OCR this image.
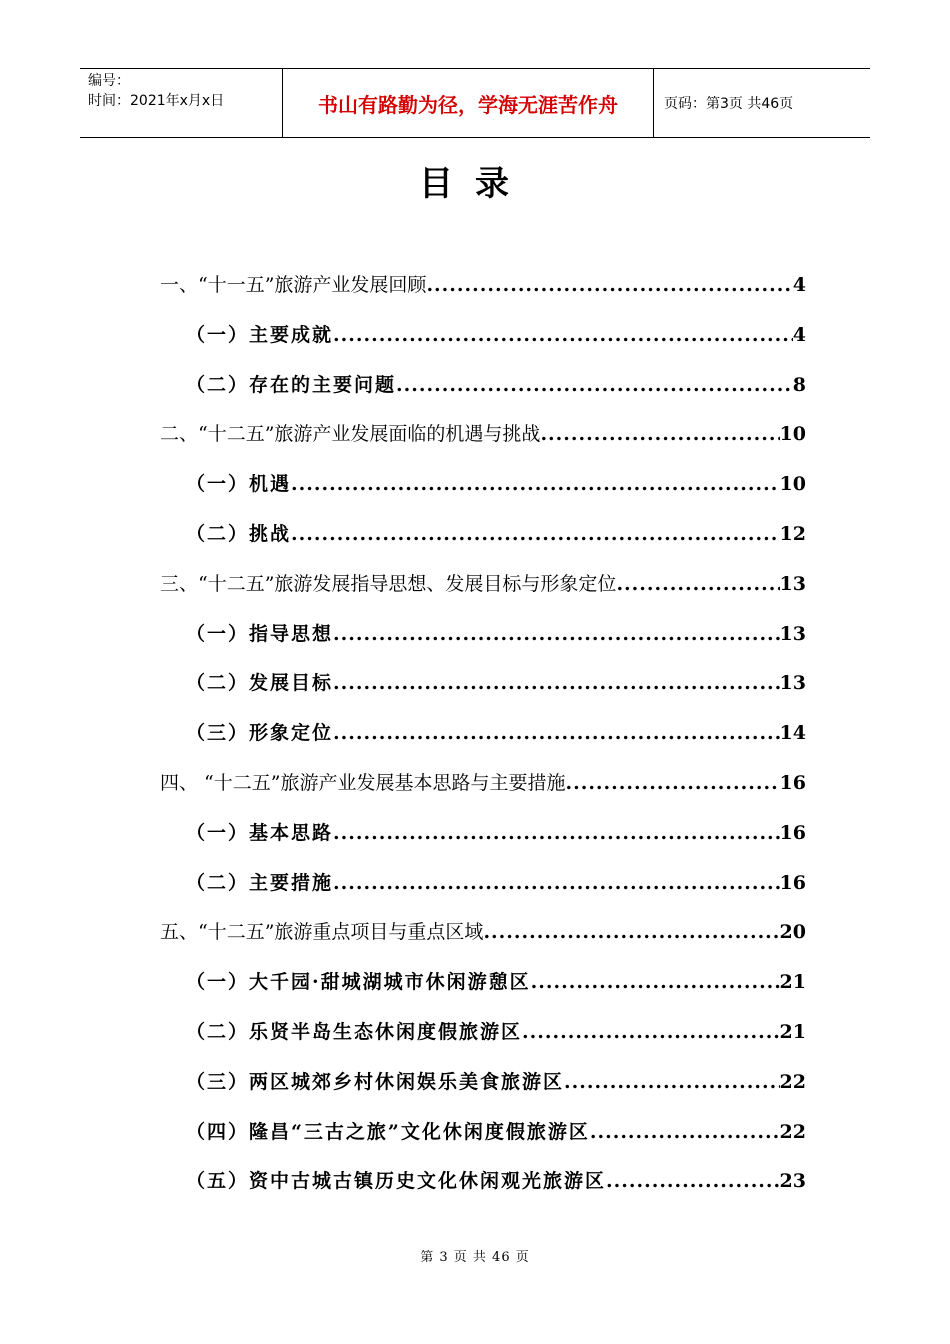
编号：
时间：2021年x月x日	书山有路勤为径，学海无涯苦作舟	页码：第3页 共46页
目录
一、“十一五”旅游产业发展回顾 .....	4
（一）主要成就 .....	4
（二）存在的主要问题 .....	8
二、“十二五”旅游产业发展面临的机遇与挑战 .....	10
（一）机遇 .....	10
（二）挑战 .....	12
三、“十二五”旅游发展指导思想、发展目标与形象定位 .....	13
（一）指导思想 .....	13
（二）发展目标 .....	13
（三）形象定位 .....	14
四、 “十二五”旅游产业发展基本思路与主要措施 .....	16
（一）基本思路 .....	16
（二）主要措施 .....	16
五、“十二五”旅游重点项目与重点区域 .....	20
（一）大千园·甜城湖城市休闲游憩区 .....	21
（二）乐贤半岛生态休闲度假旅游区 .....	21
（三）两区城郊乡村休闲娱乐美食旅游区 .....	22
（四）隆昌“三古之旅”文化休闲度假旅游区 .....	22
（五）资中古城古镇历史文化休闲观光旅游区 .....	23
第 3 页 共 46 页
